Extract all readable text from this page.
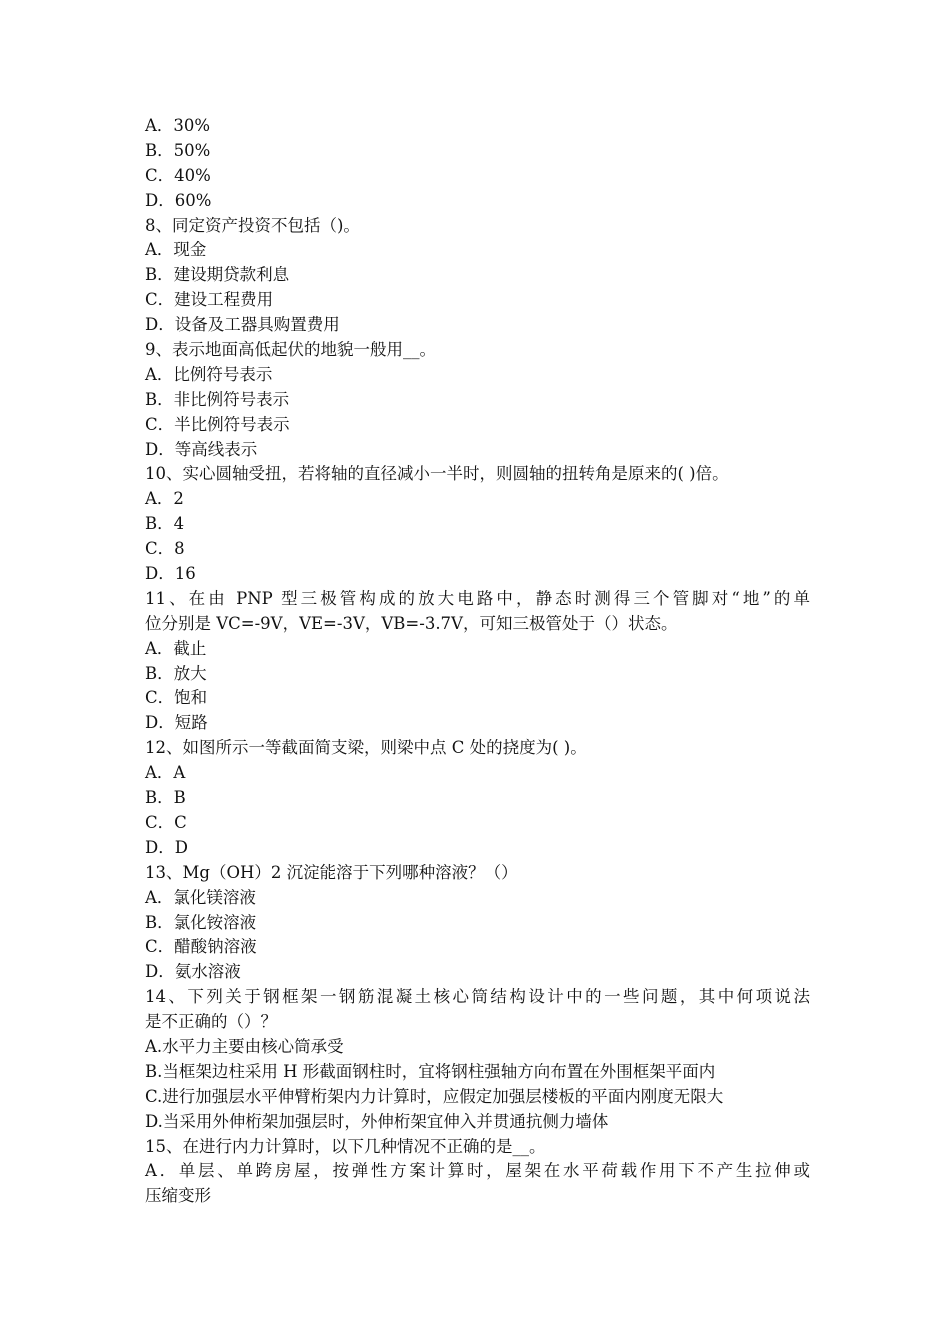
A．30%
B．50%
C．40%
D．60%
8、同定资产投资不包括（)。
A．现金
B．建设期贷款利息
C．建设工程费用
D．设备及工器具购置费用
9、表示地面高低起伏的地貌一般用__。
A．比例符号表示
B．非比例符号表示
C．半比例符号表示
D．等高线表示
10、实心圆轴受扭，若将轴的直径减小一半时，则圆轴的扭转角是原来的( )倍。
A．2
B．4
C．8
D．16
11、在由 PNP 型三极管构成的放大电路中，静态时测得三个管脚对“地”的单
位分别是 VC=-9V，VE=-3V，VB=-3.7V，可知三极管处于（）状态。
A．截止
B．放大
C．饱和
D．短路
12、如图所示一等截面简支梁，则梁中点 C 处的挠度为( )。
A．A
B．B
C．C
D．D
13、Mg（OH）2 沉淀能溶于下列哪种溶液？（）
A．氯化镁溶液
B．氯化铵溶液
C．醋酸钠溶液
D．氨水溶液
14、下列关于钢框架一钢筋混凝土核心筒结构设计中的一些问题，其中何项说法
是不正确的（）？
A.水平力主要由核心筒承受
B.当框架边柱采用 H 形截面钢柱时，宜将钢柱强轴方向布置在外围框架平面内
C.进行加强层水平伸臂桁架内力计算时，应假定加强层楼板的平面内刚度无限大
D.当采用外伸桁架加强层时，外伸桁架宜伸入并贯通抗侧力墙体
15、在进行内力计算时，以下几种情况不正确的是__。
A．单层、单跨房屋，按弹性方案计算时，屋架在水平荷载作用下不产生拉伸或
压缩变形
